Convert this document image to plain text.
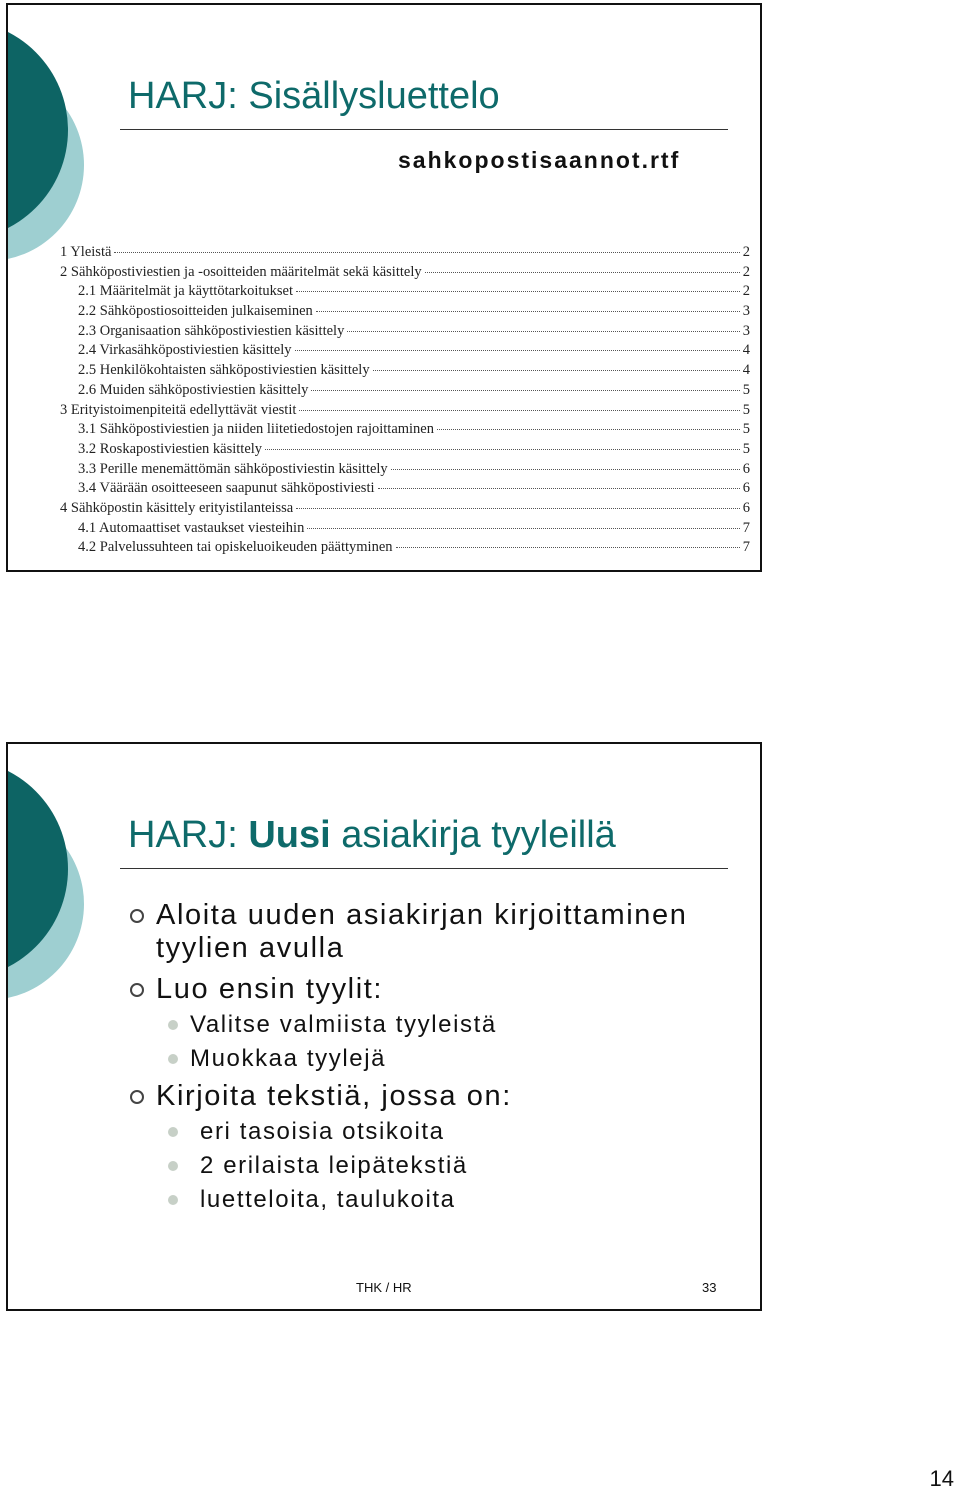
HARJ: Sisällysluettelo
sahkopostisaannot.rtf
1 Yleistä	2
2 Sähköpostiviestien ja -osoitteiden määritelmät sekä käsittely	2
2.1 Määritelmät ja käyttötarkoitukset	2
2.2 Sähköpostiosoitteiden julkaiseminen	3
2.3 Organisaation sähköpostiviestien käsittely	3
2.4 Virkasähköpostiviestien käsittely	4
2.5 Henkilökohtaisten sähköpostiviestien käsittely	4
2.6 Muiden sähköpostiviestien käsittely	5
3 Erityistoimenpiteitä edellyttävät viestit	5
3.1 Sähköpostiviestien ja niiden liitetiedostojen rajoittaminen	5
3.2 Roskapostiviestien käsittely	5
3.3 Perille menemättömän sähköpostiviestin käsittely	6
3.4 Väärään osoitteeseen saapunut sähköpostiviesti	6
4 Sähköpostin käsittely erityistilanteissa	6
4.1 Automaattiset vastaukset viesteihin	7
4.2 Palvelussuhteen tai opiskeluoikeuden päättyminen	7
HARJ: Uusi asiakirja tyyleillä
Aloita uuden asiakirjan kirjoittaminen tyylien avulla
Luo ensin tyylit:
Valitse valmiista tyyleistä
Muokkaa tyylejä
Kirjoita tekstiä, jossa on:
eri tasoisia otsikoita
2 erilaista leipätekstiä
luetteloita, taulukoita
THK / HR	33
14
